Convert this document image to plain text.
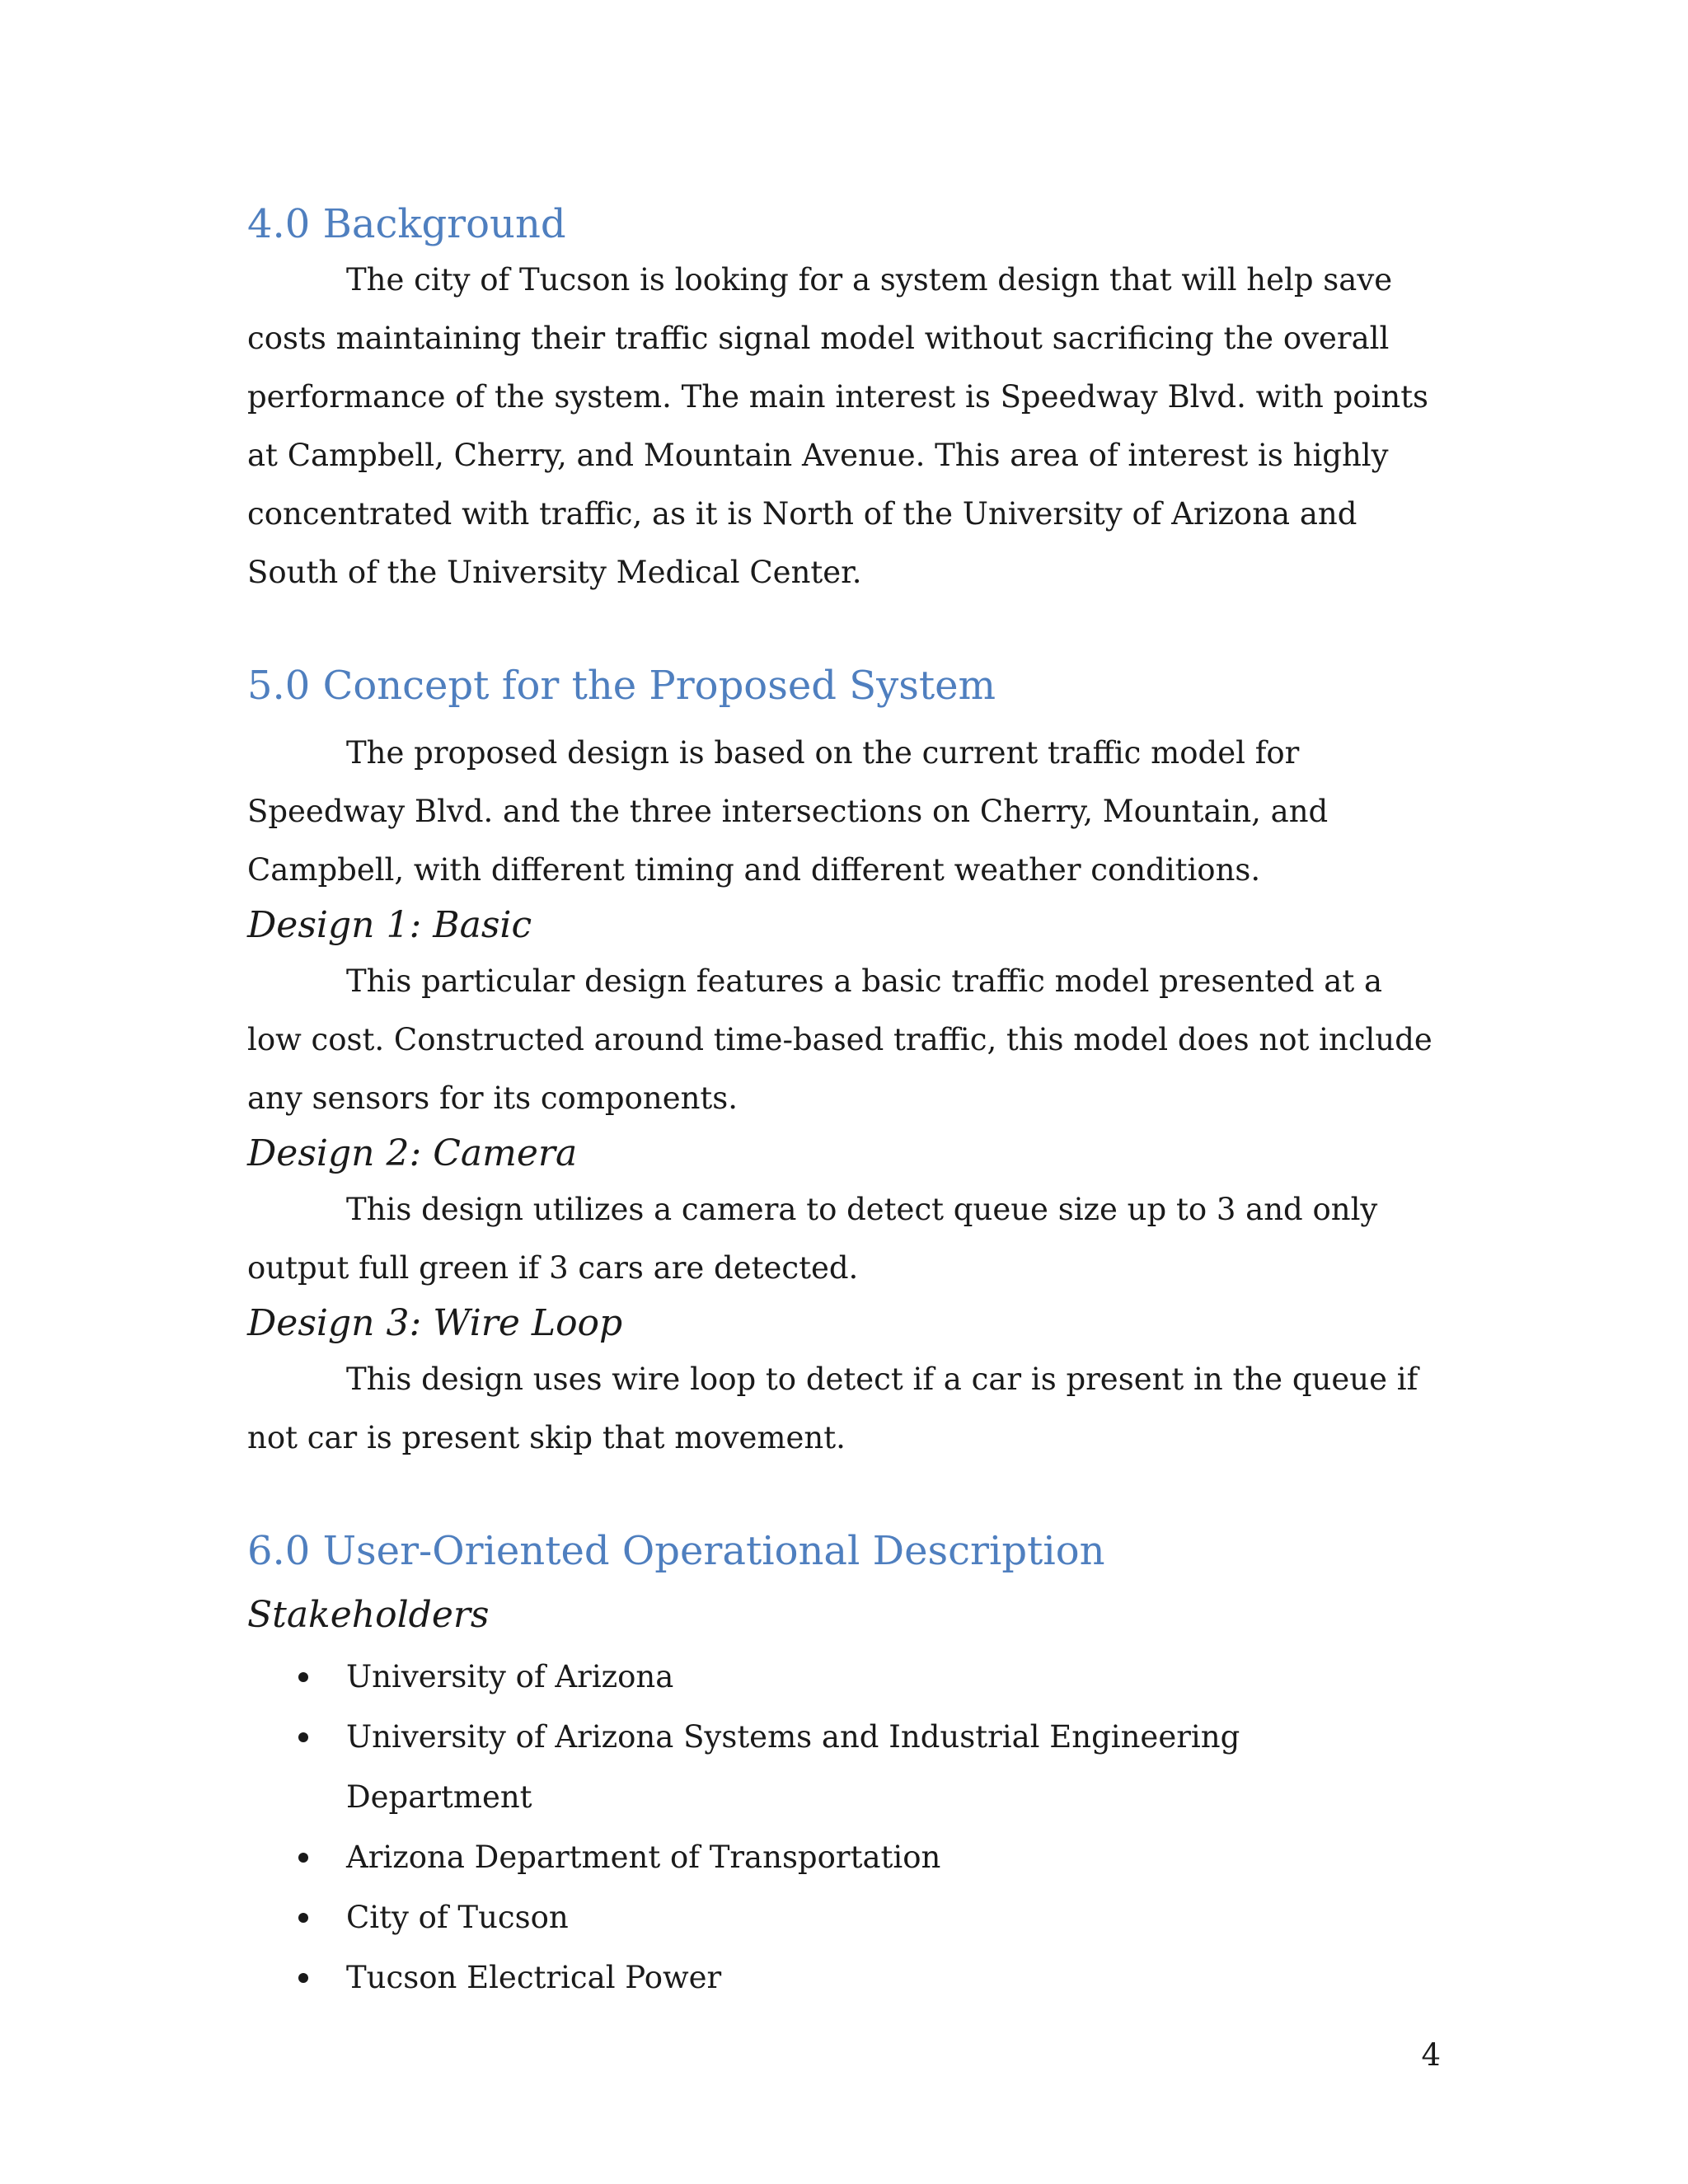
4.0 Background

The city of Tucson is looking for a system design that will help save costs maintaining their traffic signal model without sacrificing the overall performance of the system. The main interest is Speedway Blvd. with points at Campbell, Cherry, and Mountain Avenue. This area of interest is highly concentrated with traffic, as it is North of the University of Arizona and South of the University Medical Center.

5.0 Concept for the Proposed System

The proposed design is based on the current traffic model for Speedway Blvd. and the three intersections on Cherry, Mountain, and Campbell, with different timing and different weather conditions.

Design 1: Basic

This particular design features a basic traffic model presented at a low cost. Constructed around time-based traffic, this model does not include any sensors for its components.

Design 2: Camera

This design utilizes a camera to detect queue size up to 3 and only output full green if 3 cars are detected.

Design 3: Wire Loop

This design uses wire loop to detect if a car is present in the queue if not car is present skip that movement.

6.0 User-Oriented Operational Description
Stakeholders
University of Arizona
University of Arizona Systems and Industrial Engineering Department
Arizona Department of Transportation
City of Tucson
Tucson Electrical Power
4
